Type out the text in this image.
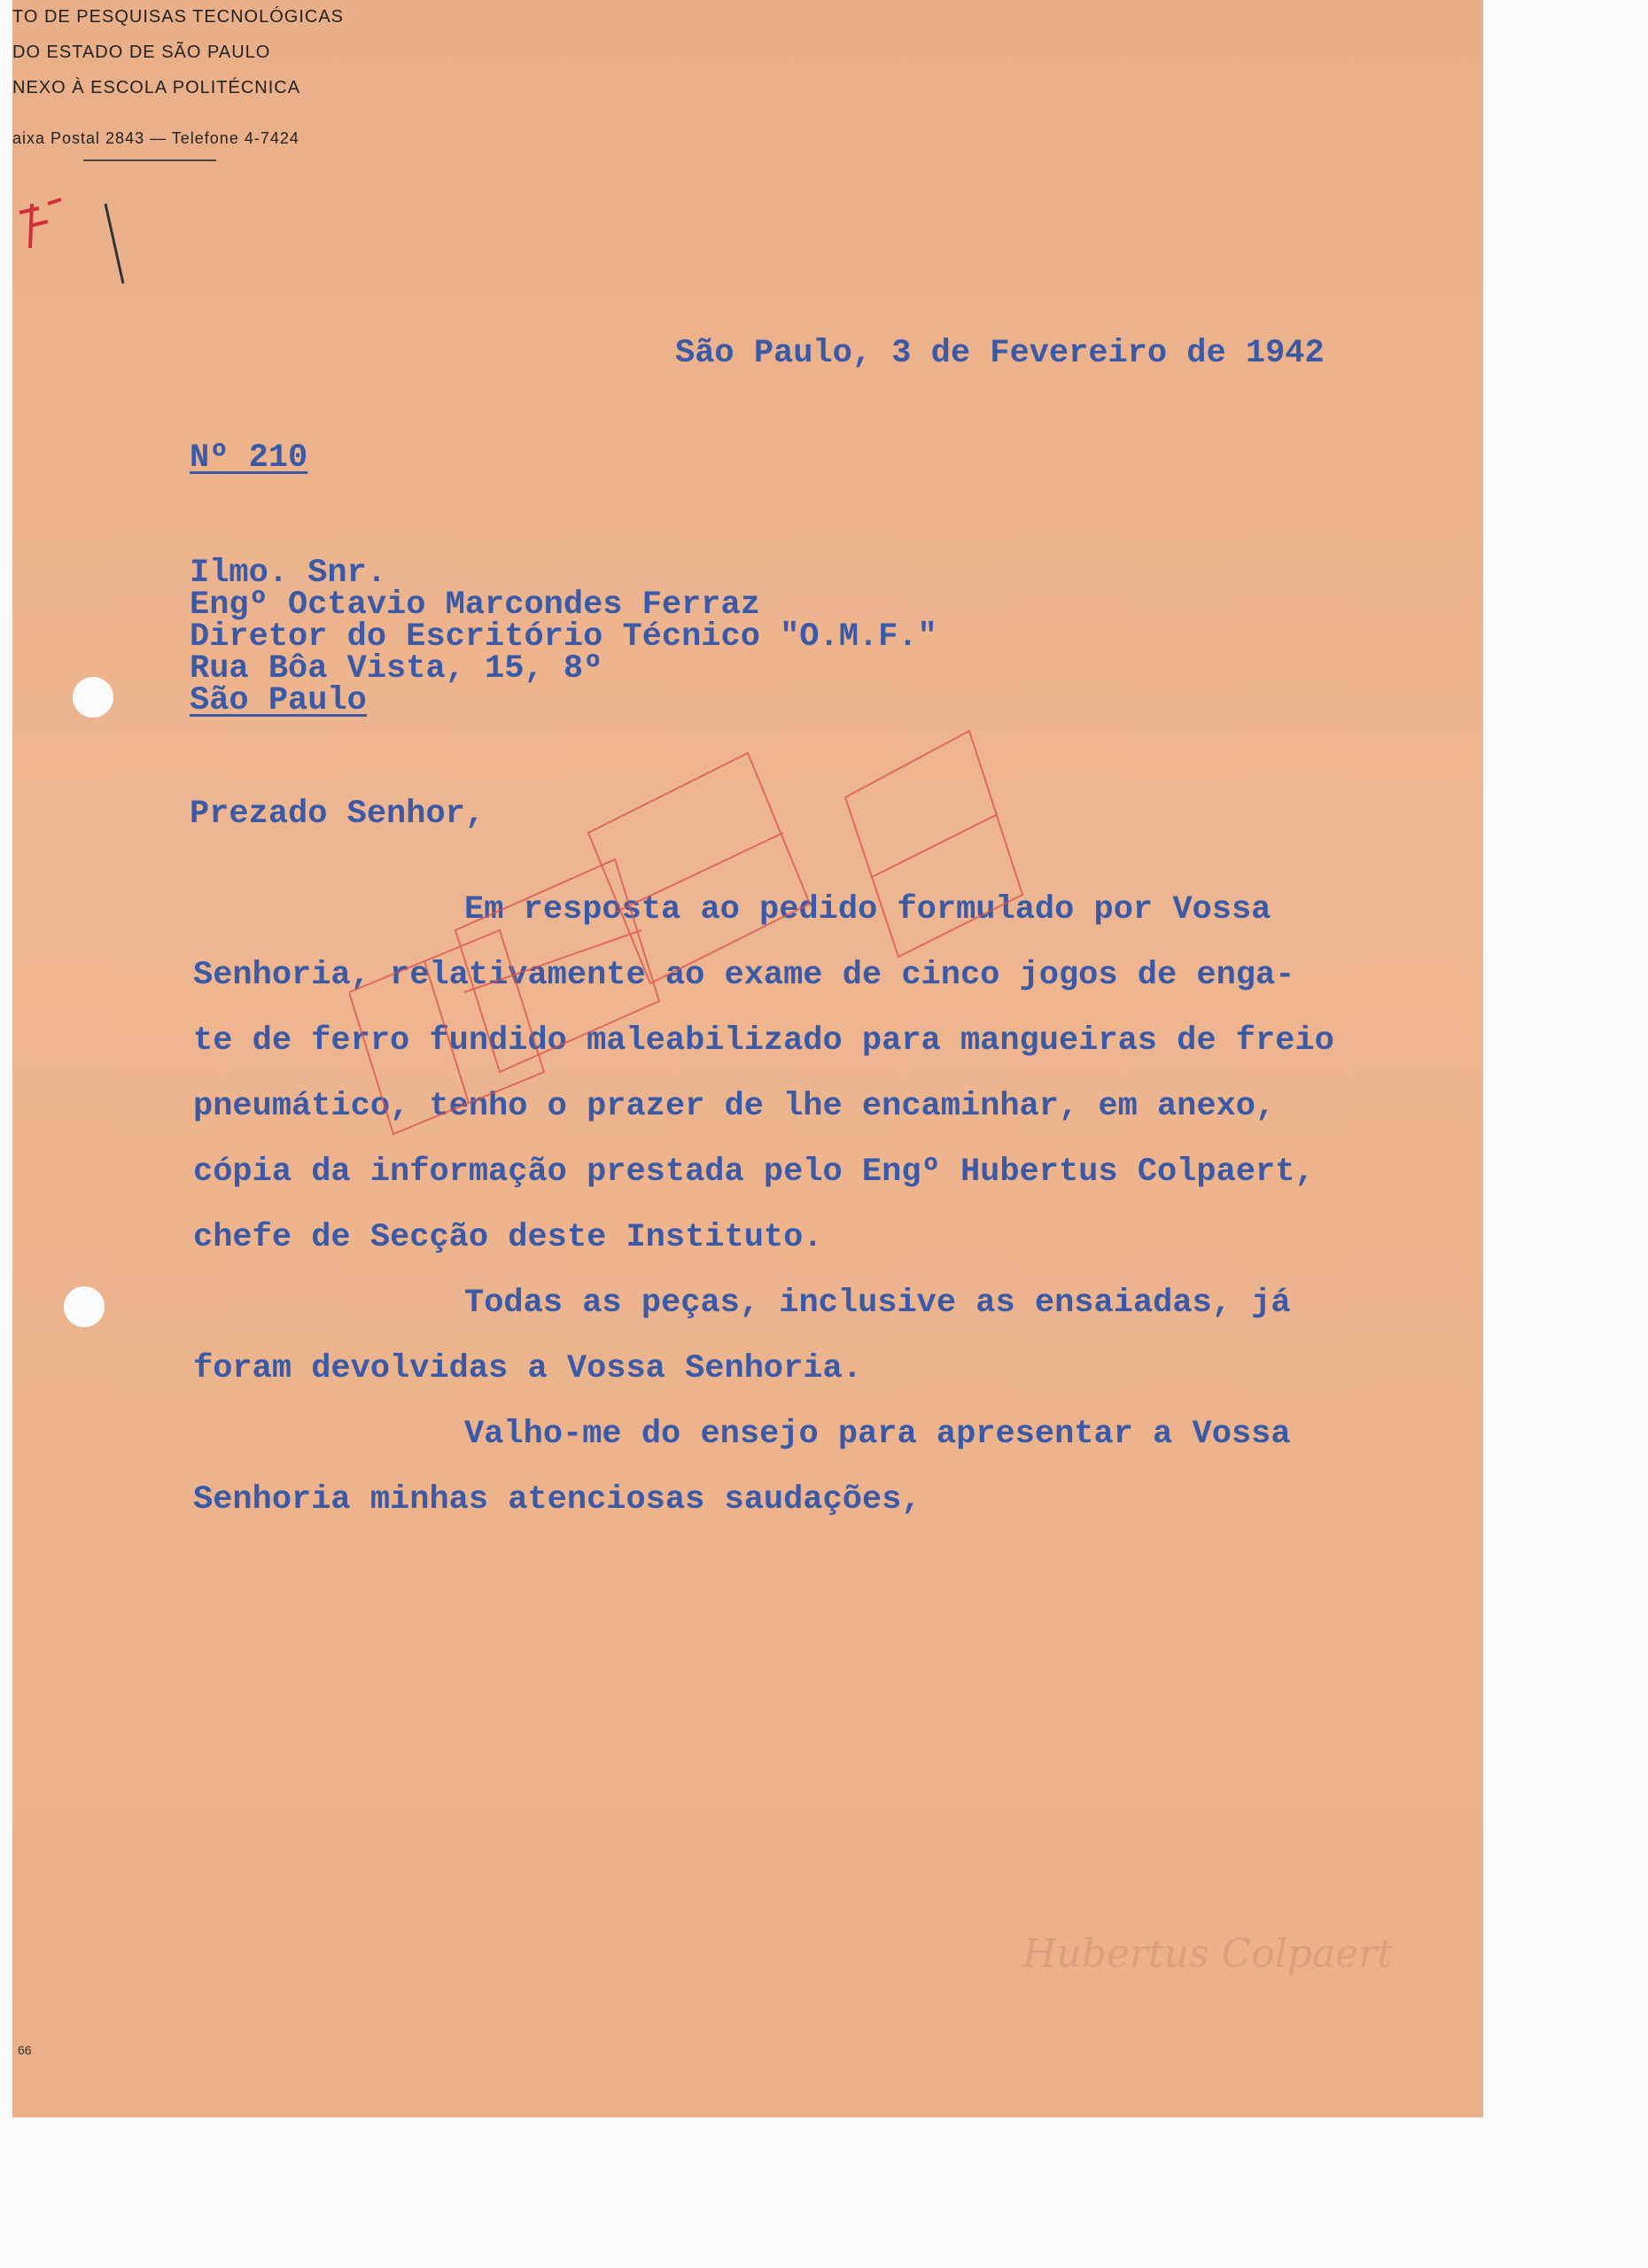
TO DE PESQUISAS TECNOLÓGICAS
DO ESTADO DE SÃO PAULO
NEXO À ESCOLA POLITÉCNICA
aixa Postal 2843 — Telefone 4-7424
São Paulo, 3 de Fevereiro de 1942
Nº 210
Ilmo. Snr.
Engº Octavio Marcondes Ferraz
Diretor do Escritório Técnico "O.M.F."
Rua Bôa Vista, 15, 8º
São Paulo
Prezado Senhor,
Em resposta ao pedido formulado por Vossa
Senhoria, relativamente ao exame de cinco jogos de enga-
te de ferro fundido maleabilizado para mangueiras de freio
pneumático, tenho o prazer de lhe encaminhar, em anexo,
cópia da informação prestada pelo Engº Hubertus Colpaert,
chefe de Secção deste Instituto.
Todas as peças, inclusive as ensaiadas, já
foram devolvidas a Vossa Senhoria.
Valho-me do ensejo para apresentar a Vossa
Senhoria minhas atenciosas saudações,
Hubertus Colpaert
66
